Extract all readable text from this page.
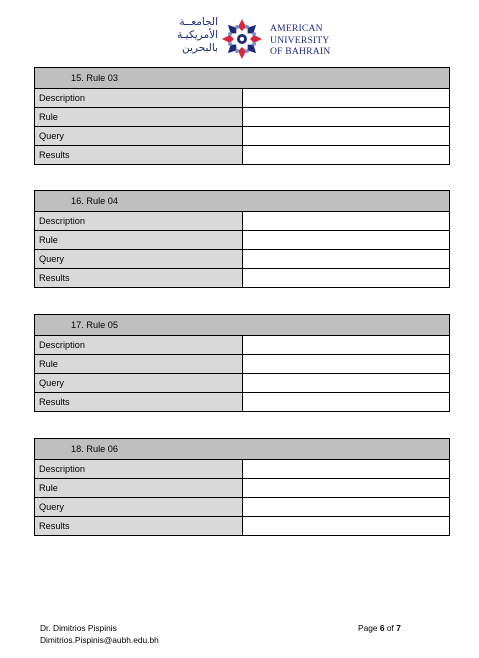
الجامعــة
الأمريكيـة
بالبحرين
AMERICAN
UNIVERSITY
OF BAHRAIN
15. Rule 03	
Description	
Rule	
Query	
Results	
16. Rule 04	
Description	
Rule	
Query	
Results	
17. Rule 05	
Description	
Rule	
Query	
Results	
18. Rule 06	
Description	
Rule	
Query	
Results	
Dr. Dimitrios Pispinis
Dimitrios.Pispinis@aubh.edu.bh
Page 6 of 7
